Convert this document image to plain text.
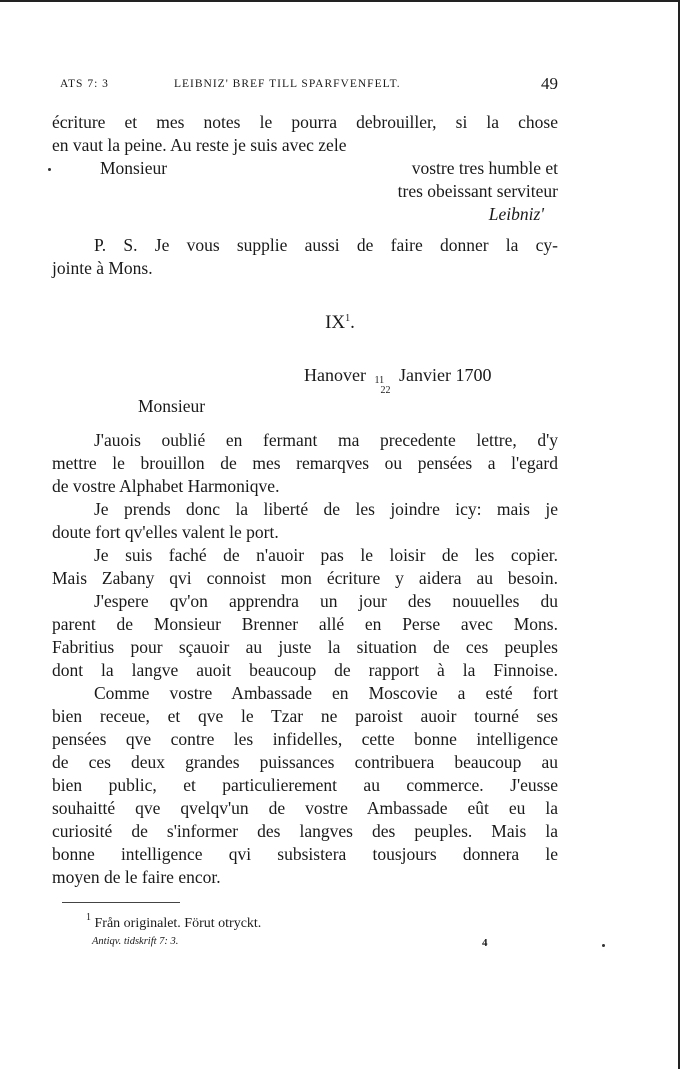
ATS 7: 3	LEIBNIZ' BREF TILL SPARFVENFELT.	49
écriture et mes notes le pourra debrouiller, si la chose
en vaut la peine. Au reste je suis avec zele
Monsieur	vostre tres humble et
tres obeissant serviteur
Leibniz'
P. S. Je vous supplie aussi de faire donner la cy-
jointe à Mons.
$IX^1$.
Hanover 11
22
Janvier 1700
Monsieur
J'auois oublié en fermant ma precedente lettre, d'y
mettre le brouillon de mes remarqves ou pensées a l'egard
de vostre Alphabet Harmoniqve.
Je prends donc la liberté de les joindre icy: mais je
doute fort qv'elles valent le port.
Je suis faché de n'auoir pas le loisir de les copier.
Mais Zabany qvi connoist mon écriture y aidera au besoin.
J'espere qv'on apprendra un jour des nouuelles du
parent de Monsieur Brenner allé en Perse avec Mons.
Fabritius pour sçauoir au juste la situation de ces peuples
dont la langve auoit beaucoup de rapport à la Finnoise.
Comme vostre Ambassade en Moscovie a esté fort
bien receue, et qve le Tzar ne paroist auoir tourné ses
pensées qve contre les infidelles, cette bonne intelligence
de ces deux grandes puissances contribuera beaucoup au
bien public, et particulierement au commerce. J'eusse
souhaitté qve qvelqv'un de vostre Ambassade eût eu la
curiosité de s'informer des langves des peuples. Mais la
bonne intelligence qvi subsistera tousjours donnera le
moyen de le faire encor.
$^1$ Från originalet. Förut otryckt.
Antiqv. tidskrift 7: 3.	4
